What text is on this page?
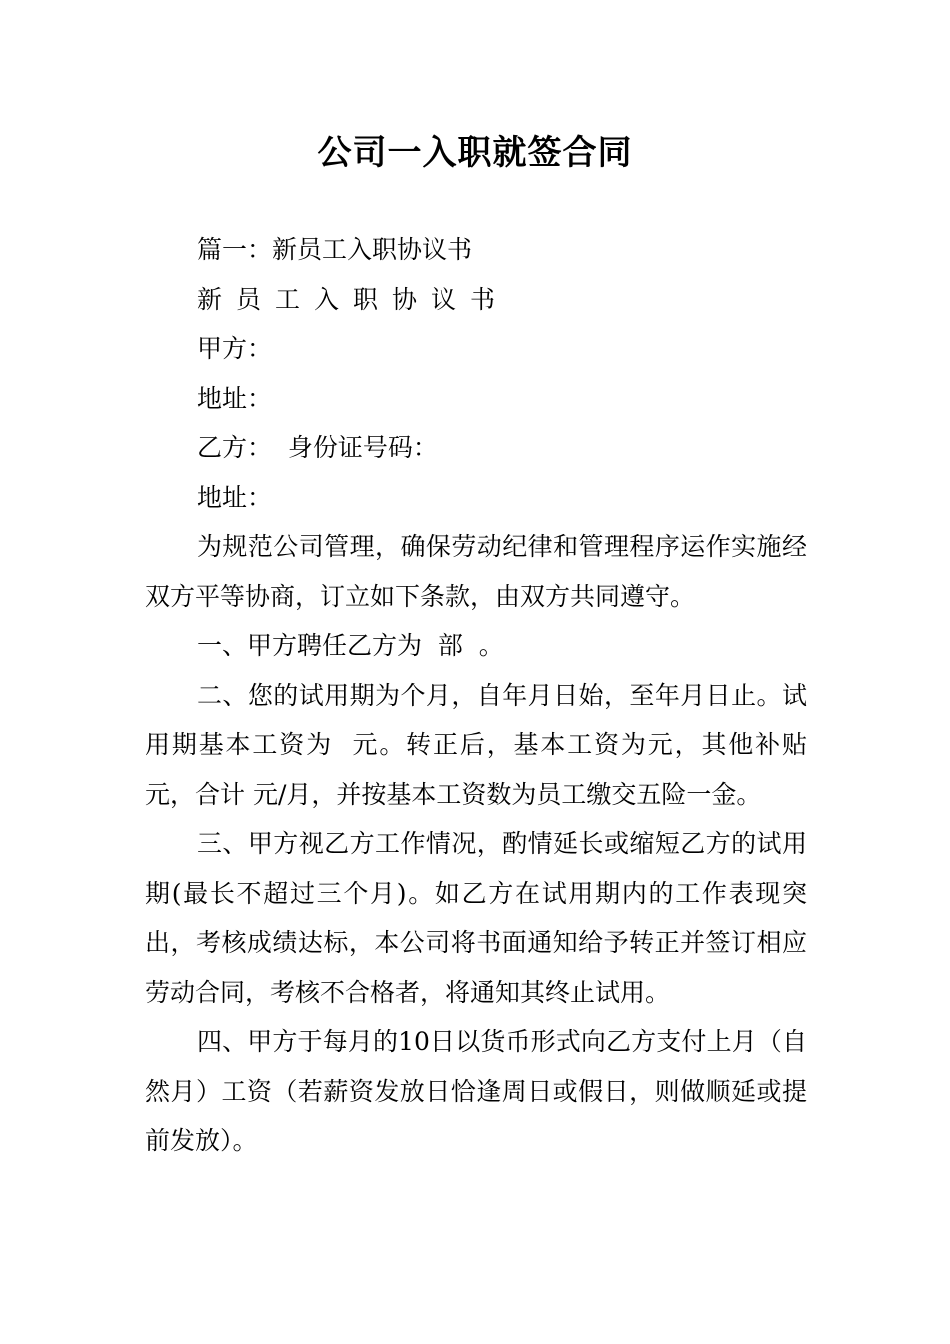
公司一入职就签合同

篇一：新员工入职协议书

新员工入职协议书

甲方：

地址：

乙方：  身份证号码：

地址：

为规范公司管理，确保劳动纪律和管理程序运作实施经双方平等协商，订立如下条款，由双方共同遵守。

一、甲方聘任乙方为  部  。

二、您的试用期为个月，自年月日始，至年月日止。试用期基本工资为  元。转正后，基本工资为元，其他补贴  元，合计 元/月，并按基本工资数为员工缴交五险一金。

三、甲方视乙方工作情况，酌情延长或缩短乙方的试用期(最长不超过三个月)。如乙方在试用期内的工作表现突出，考核成绩达标，本公司将书面通知给予转正并签订相应劳动合同，考核不合格者，将通知其终止试用。

四、甲方于每月的10日以货币形式向乙方支付上月（自然月）工资（若薪资发放日恰逢周日或假日，则做顺延或提前发放）。
